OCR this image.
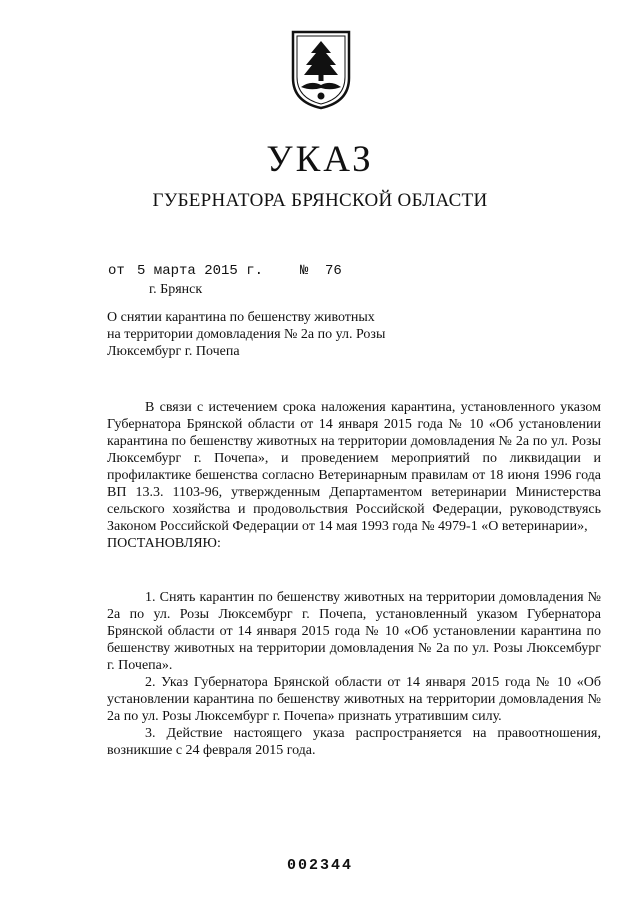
УКАЗ
ГУБЕРНАТОРА БРЯНСКОЙ ОБЛАСТИ
от 5 марта 2015 г.	№ 76
г. Брянск
О снятии карантина по бешенству животных
на территории домовладения № 2а по ул. Розы
Люксембург г. Почепа

В связи с истечением срока наложения карантина, установленного указом Губернатора Брянской области от 14 января 2015 года № 10 «Об установлении карантина по бешенству животных на территории домовладения № 2а по ул. Розы Люксембург г. Почепа», и проведением мероприятий по ликвидации и профилактике бешенства согласно Ветеринарным правилам от 18 июня 1996 года ВП 13.3. 1103-96, утвержденным Департаментом ветеринарии Министерства сельского хозяйства и продовольствия Российской Федерации, руководствуясь Законом Российской Федерации от 14 мая 1993 года № 4979-1 «О ветеринарии»,

ПОСТАНОВЛЯЮ:

1. Снять карантин по бешенству животных на территории домовладения № 2а по ул. Розы Люксембург г. Почепа, установленный указом Губернатора Брянской области от 14 января 2015 года № 10 «Об установлении карантина по бешенству животных на территории домовладения № 2а по ул. Розы Люксембург г. Почепа».

2. Указ Губернатора Брянской области от 14 января 2015 года № 10 «Об установлении карантина по бешенству животных на территории домовладения № 2а по ул. Розы Люксембург г. Почепа» признать утратившим силу.

3. Действие настоящего указа распространяется на правоотношения, возникшие с 24 февраля 2015 года.

002344
